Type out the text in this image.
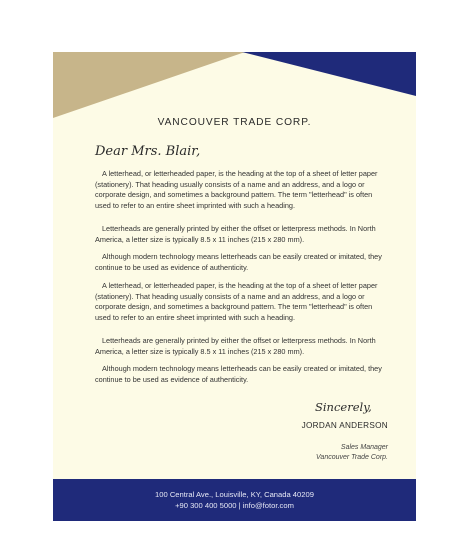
VANCOUVER TRADE CORP.
Dear Mrs. Blair,

A letterhead, or letterheaded paper, is the heading at the top of a sheet of letter paper (stationery). That heading usually consists of a name and an address, and a logo or corporate design, and sometimes a background pattern. The term "letterhead" is often used to refer to an entire sheet imprinted with such a heading.

Letterheads are generally printed by either the offset or letterpress methods. In North America, a letter size is typically 8.5 x 11 inches (215 x 280 mm).

Although modern technology means letterheads can be easily created or imitated, they continue to be used as evidence of authenticity.

A letterhead, or letterheaded paper, is the heading at the top of a sheet of letter paper (stationery). That heading usually consists of a name and an address, and a logo or corporate design, and sometimes a background pattern. The term "letterhead" is often used to refer to an entire sheet imprinted with such a heading.

Letterheads are generally printed by either the offset or letterpress methods. In North America, a letter size is typically 8.5 x 11 inches (215 x 280 mm).

Although modern technology means letterheads can be easily created or imitated, they continue to be used as evidence of authenticity.

Sincerely,
JORDAN ANDERSON
Sales Manager
Vancouver Trade Corp.
100 Central Ave., Louisville, KY, Canada 40209
+90 300 400 5000 | info@fotor.com
